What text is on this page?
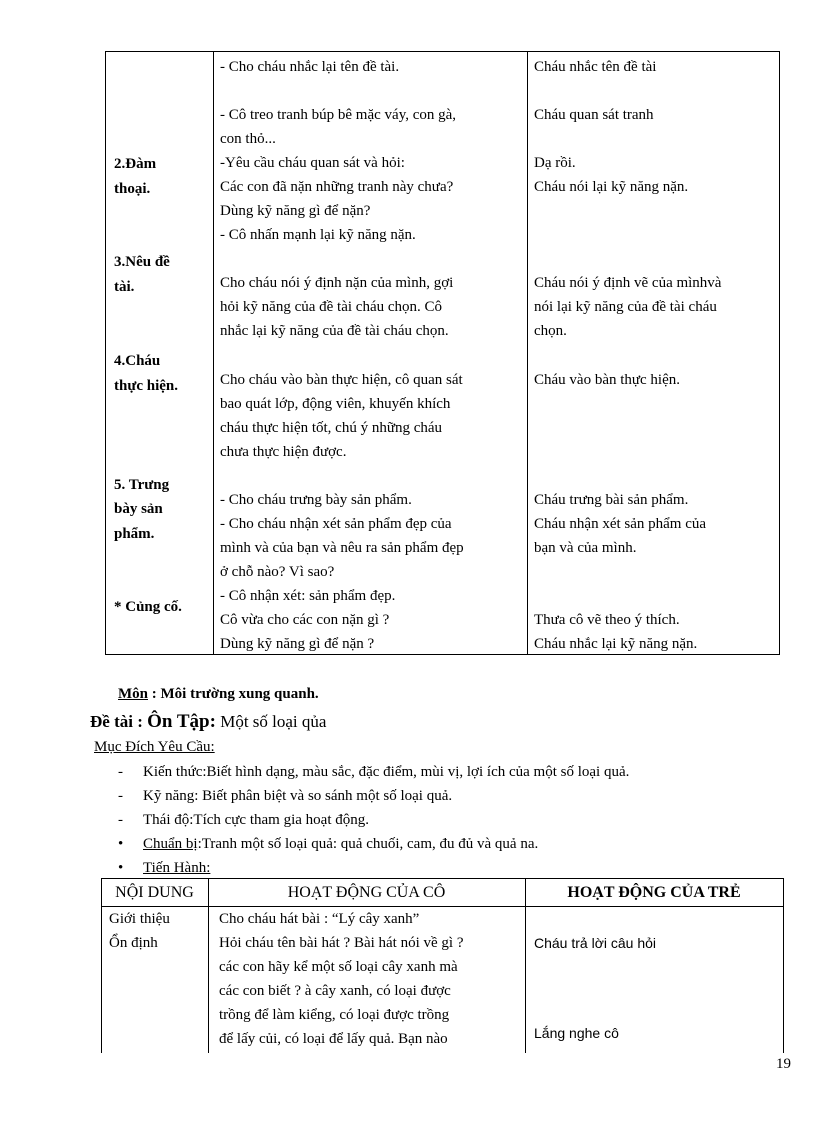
2.Đàm
thoại.
3.Nêu đề
tài.
4.Cháu
thực hiện.
5. Trưng
bày sản
phẩm.
* Củng cố.
- Cho cháu nhắc lại tên đề tài.
- Cô treo tranh búp bê mặc váy, con gà,
con thỏ...
-Yêu cầu cháu quan sát và hỏi:
Các con đã nặn những tranh này chưa?
Dùng kỹ năng gì để nặn?
- Cô nhấn mạnh lại kỹ năng nặn.
Cho cháu nói ý định nặn của mình, gợi
hỏi kỹ năng của đề tài cháu chọn. Cô
nhắc lại kỹ năng của đề tài cháu chọn.
Cho cháu vào bàn thực hiện, cô quan sát
bao quát lớp, động viên, khuyến khích
cháu thực hiện tốt, chú ý những cháu
chưa thực hiện được.
- Cho cháu trưng bày sản phẩm.
- Cho cháu nhận xét sản phẩm đẹp của
mình và của bạn và nêu ra sản phẩm đẹp
ở chỗ nào? Vì sao?
- Cô nhận xét: sản phẩm đẹp.
Cô vừa cho các con nặn gì ?
Dùng kỹ năng gì để nặn ?
Cháu nhắc tên đề tài
Cháu quan sát tranh
Dạ rồi.
Cháu nói lại kỹ năng nặn.
Cháu nói ý định vẽ của mìnhvà
nói lại kỹ năng của đề tài cháu
chọn.
Cháu vào bàn thực hiện.
Cháu trưng bài sản phẩm.
Cháu nhận xét sản phẩm của
bạn và của mình.
Thưa cô vẽ theo ý thích.
Cháu nhắc lại kỹ năng nặn.
Môn : Môi trường xung quanh.
Đề tài : Ôn Tập: Một số loại qủa
Mục Đích Yêu Cầu:
- Kiến thức:Biết hình dạng, màu sắc, đặc điểm, mùi vị, lợi ích của một số loại quả.
- Kỹ năng: Biết phân biệt và so sánh một số loại quả.
- Thái độ:Tích cực tham gia hoạt động.
• Chuẩn bị:Tranh một số loại quả: quả chuối, cam, đu đủ và quả na.
• Tiến Hành:
NỘI DUNG	HOẠT ĐỘNG CỦA CÔ	HOẠT ĐỘNG CỦA TRẺ
Giới thiệu
Ổn định
Cho cháu hát bài : “Lý cây xanh”
Hỏi cháu tên bài hát ? Bài hát nói về gì ?
các con hãy kể một số loại cây xanh mà
các con biết ? à cây xanh, có loại được
trồng để làm kiểng, có loại được trồng
để lấy củi, có loại để lấy quả. Bạn nào
Cháu trả lời câu hỏi
Lắng nghe cô
19
